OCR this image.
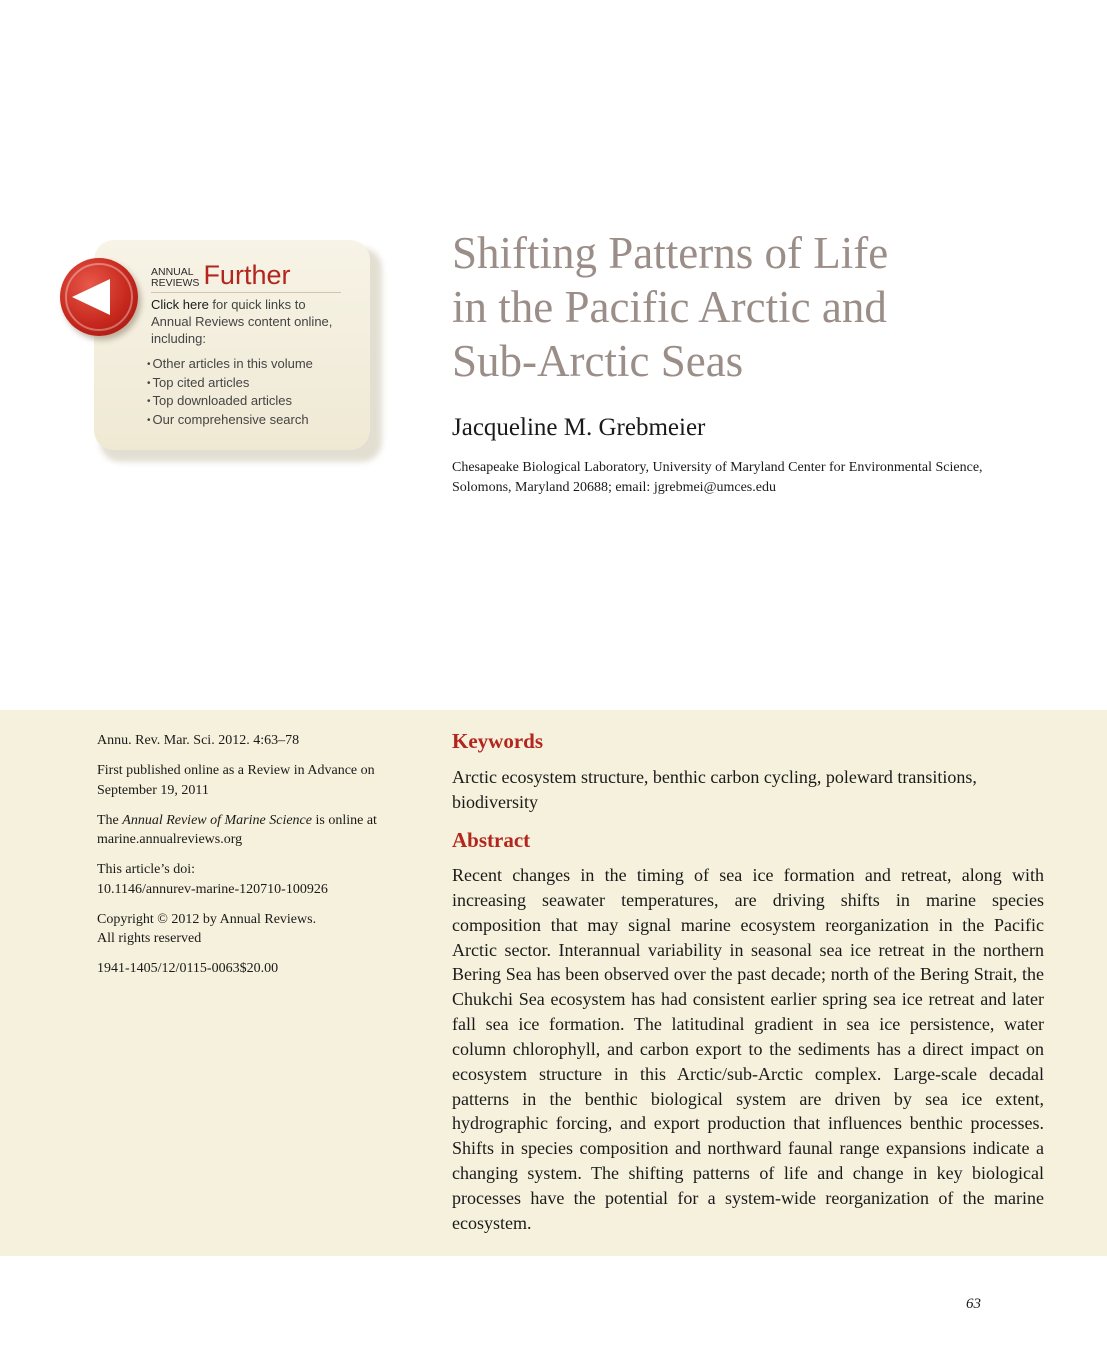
ANNUAL
REVIEWS Further
Click here for quick links to Annual Reviews content online, including:
• Other articles in this volume
• Top cited articles
• Top downloaded articles
• Our comprehensive search
Shifting Patterns of Life
in the Pacific Arctic and
Sub-Arctic Seas
Jacqueline M. Grebmeier
Chesapeake Biological Laboratory, University of Maryland Center for Environmental Science,
Solomons, Maryland 20688; email: jgrebmei@umces.edu

Annu. Rev. Mar. Sci. 2012. 4:63–78

First published online as a Review in Advance on September 19, 2011

The Annual Review of Marine Science is online at marine.annualreviews.org

This article’s doi:
10.1146/annurev-marine-120710-100926

Copyright © 2012 by Annual Reviews.
All rights reserved

1941-1405/12/0115-0063$20.00

Keywords
Arctic ecosystem structure, benthic carbon cycling, poleward transitions, biodiversity
Abstract
Recent changes in the timing of sea ice formation and retreat, along with increasing seawater temperatures, are driving shifts in marine species composition that may signal marine ecosystem reorganization in the Pacific Arctic sector. Interannual variability in seasonal sea ice retreat in the northern Bering Sea has been observed over the past decade; north of the Bering Strait, the Chukchi Sea ecosystem has had consistent earlier spring sea ice retreat and later fall sea ice formation. The latitudinal gradient in sea ice persistence, water column chlorophyll, and carbon export to the sediments has a direct impact on ecosystem structure in this Arctic/sub-Arctic complex. Large-scale decadal patterns in the benthic biological system are driven by sea ice extent, hydrographic forcing, and export production that influences benthic processes. Shifts in species composition and northward faunal range expansions indicate a changing system. The shifting patterns of life and change in key biological processes have the potential for a system-wide reorganization of the marine ecosystem.
63
